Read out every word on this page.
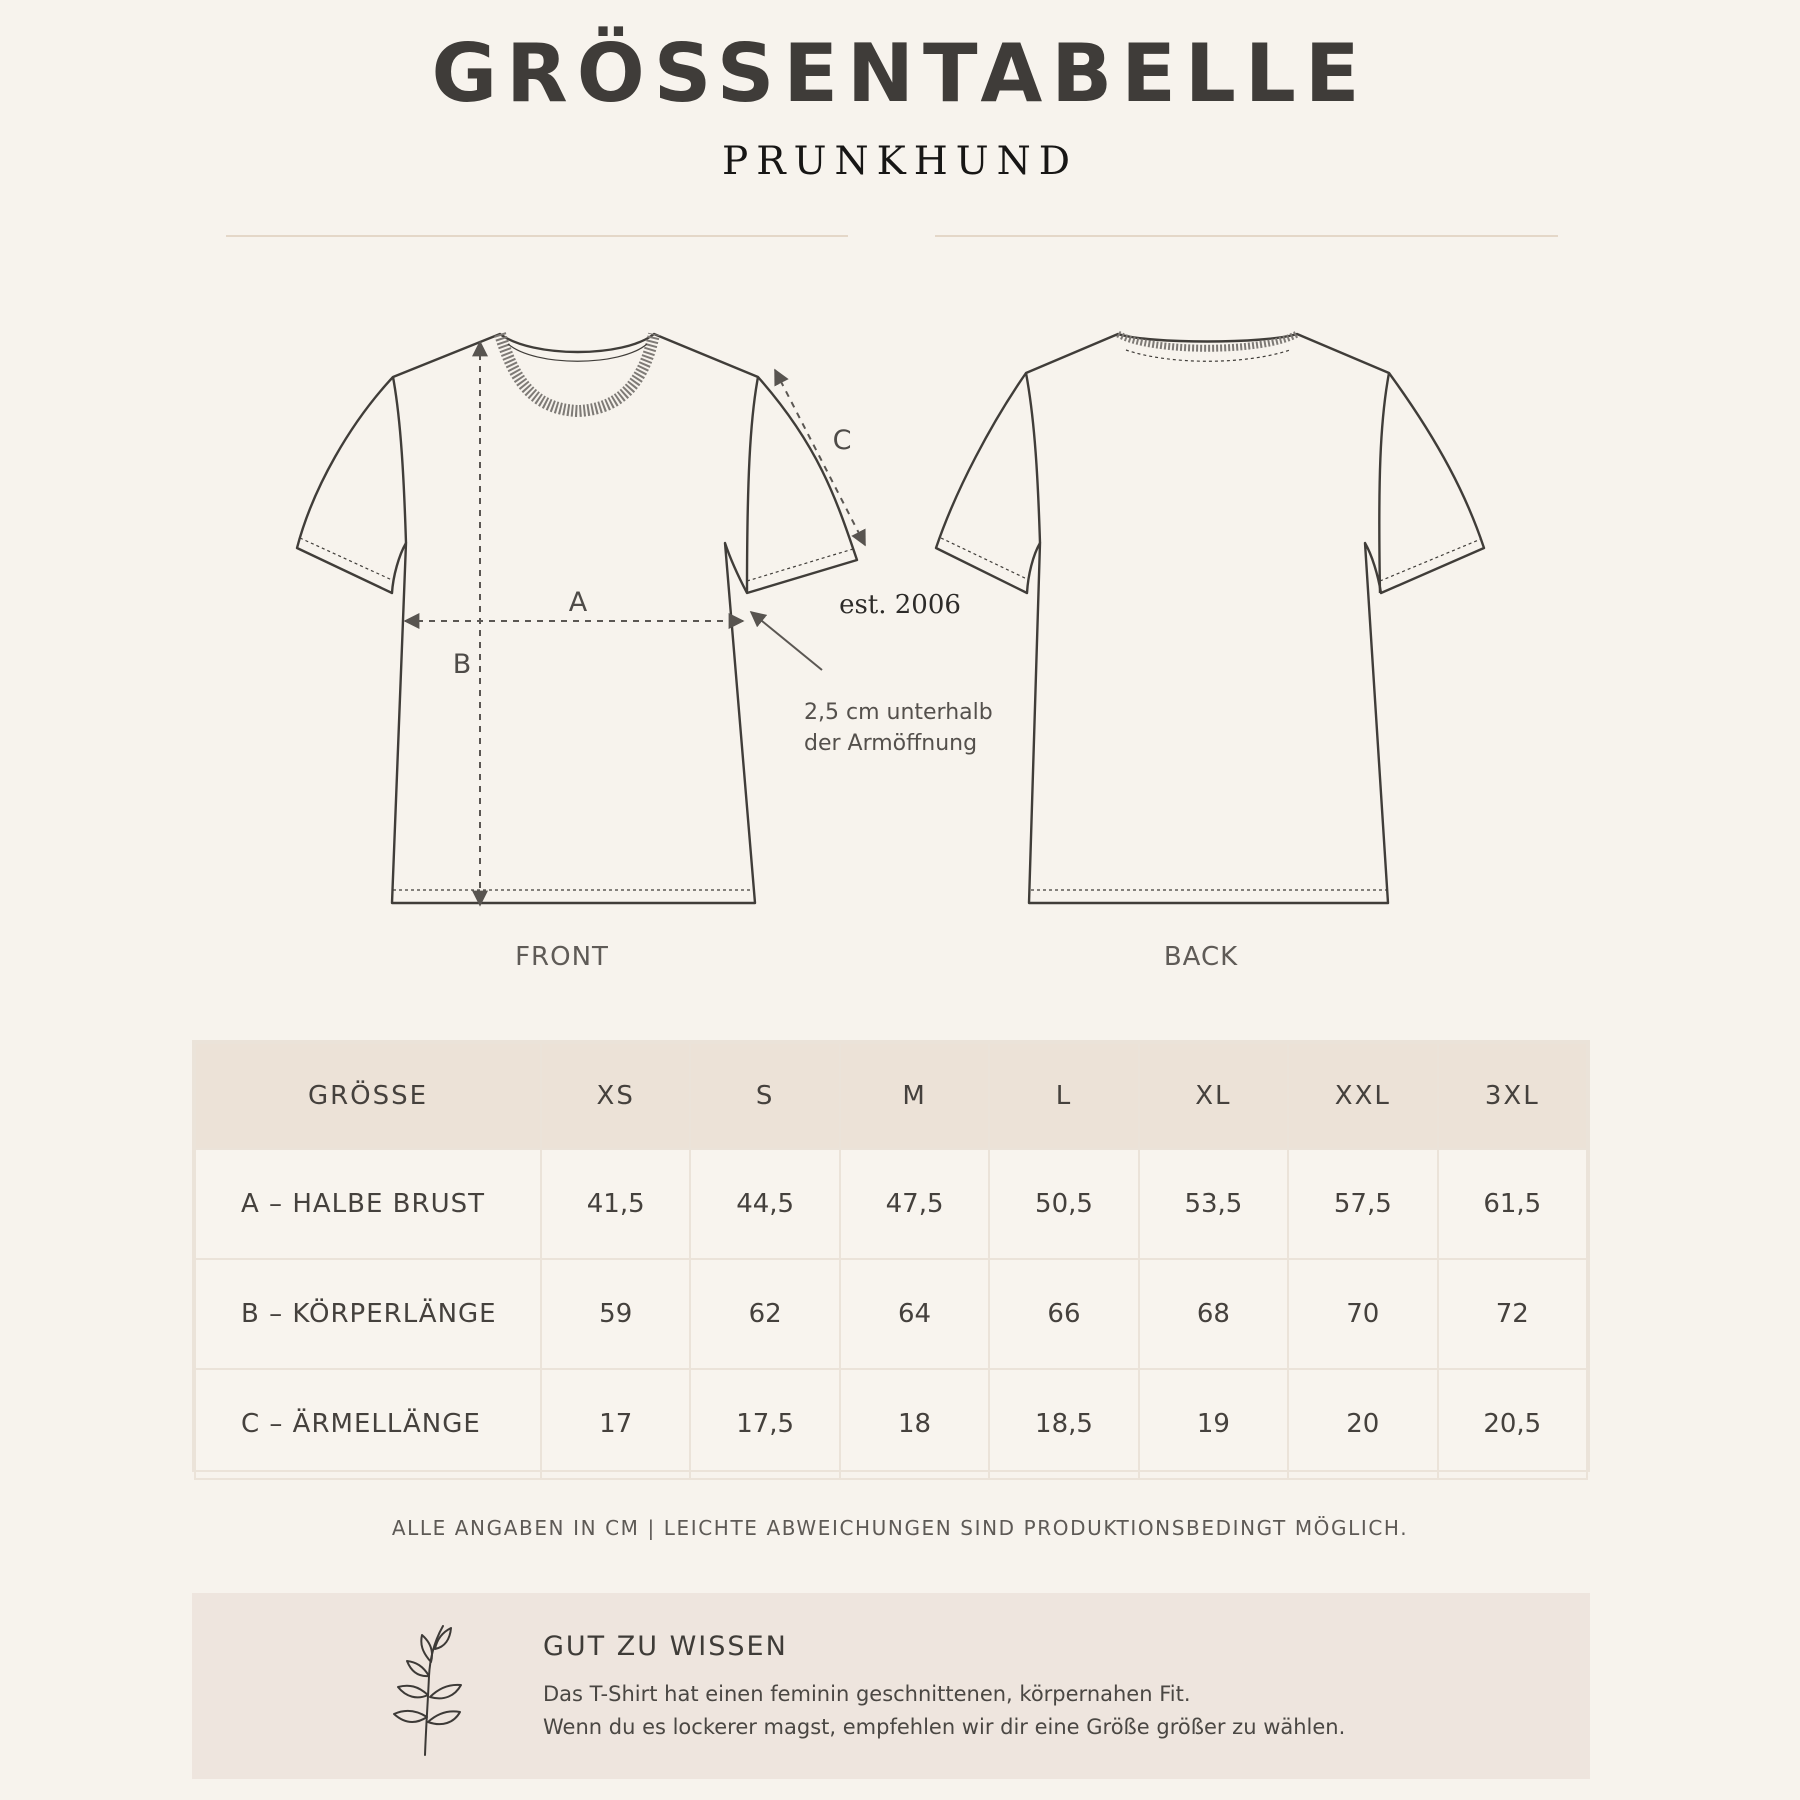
GRÖSSENTABELLE
PRUNKHUND
A
B
C
est. 2006
2,5 cm unterhalb
der Armöffnung
FRONT	BACK
GRÖSSE	XS	S	M	L	XL	XXL	3XL
A – HALBE BRUST	41,5	44,5	47,5	50,5	53,5	57,5	61,5
B – KÖRPERLÄNGE	59	62	64	66	68	70	72
C – ÄRMELLÄNGE	17	17,5	18	18,5	19	20	20,5
ALLE ANGABEN IN CM | LEICHTE ABWEICHUNGEN SIND PRODUKTIONSBEDINGT MÖGLICH.
GUT ZU WISSEN
Das T-Shirt hat einen feminin geschnittenen, körpernahen Fit.
Wenn du es lockerer magst, empfehlen wir dir eine Größe größer zu wählen.
